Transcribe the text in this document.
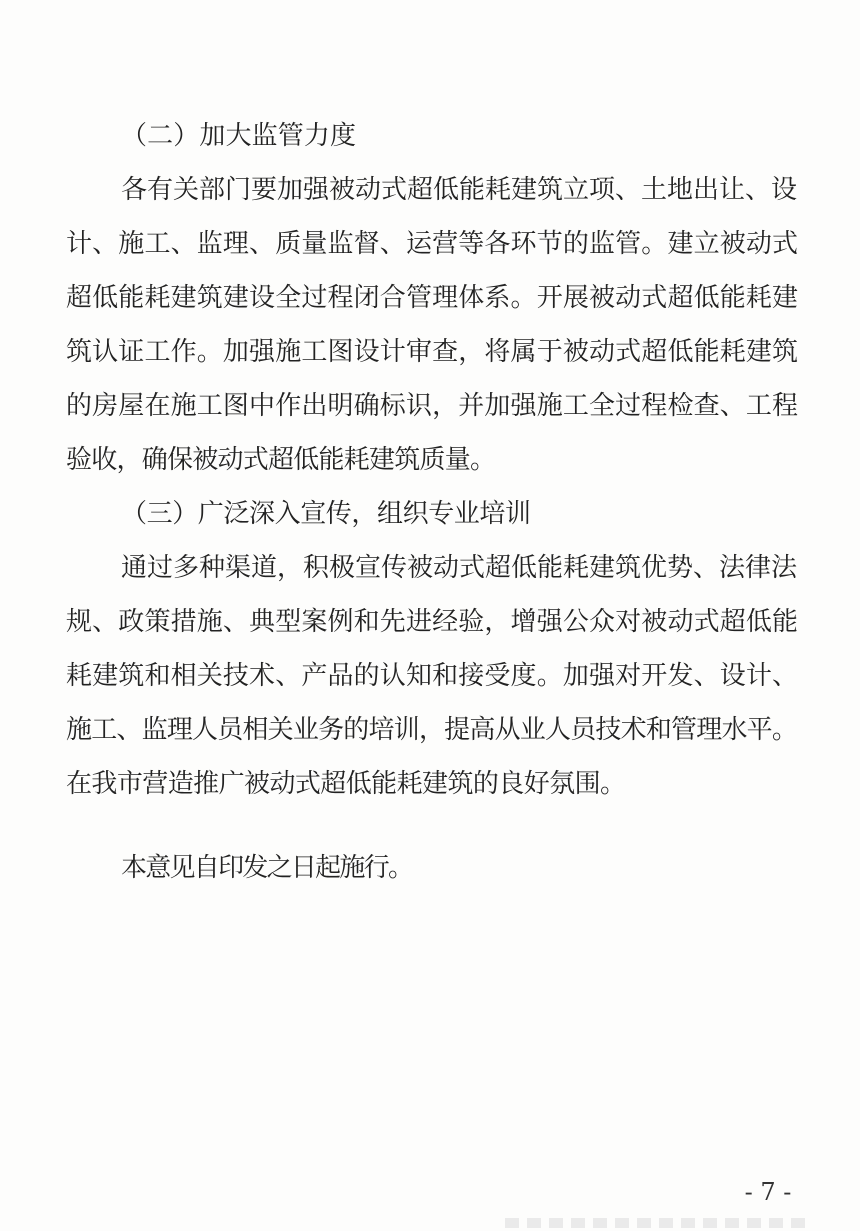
（二）加大监管力度
各有关部门要加强被动式超低能耗建筑立项、土地出让、设
计、施工、监理、质量监督、运营等各环节的监管。建立被动式
超低能耗建筑建设全过程闭合管理体系。开展被动式超低能耗建
筑认证工作。加强施工图设计审查，将属于被动式超低能耗建筑
的房屋在施工图中作出明确标识，并加强施工全过程检查、工程
验收，确保被动式超低能耗建筑质量。
（三）广泛深入宣传，组织专业培训
通过多种渠道，积极宣传被动式超低能耗建筑优势、法律法
规、政策措施、典型案例和先进经验，增强公众对被动式超低能
耗建筑和相关技术、产品的认知和接受度。加强对开发、设计、
施工、监理人员相关业务的培训，提高从业人员技术和管理水平。
在我市营造推广被动式超低能耗建筑的良好氛围。
本意见自印发之日起施行。
- 7 -
